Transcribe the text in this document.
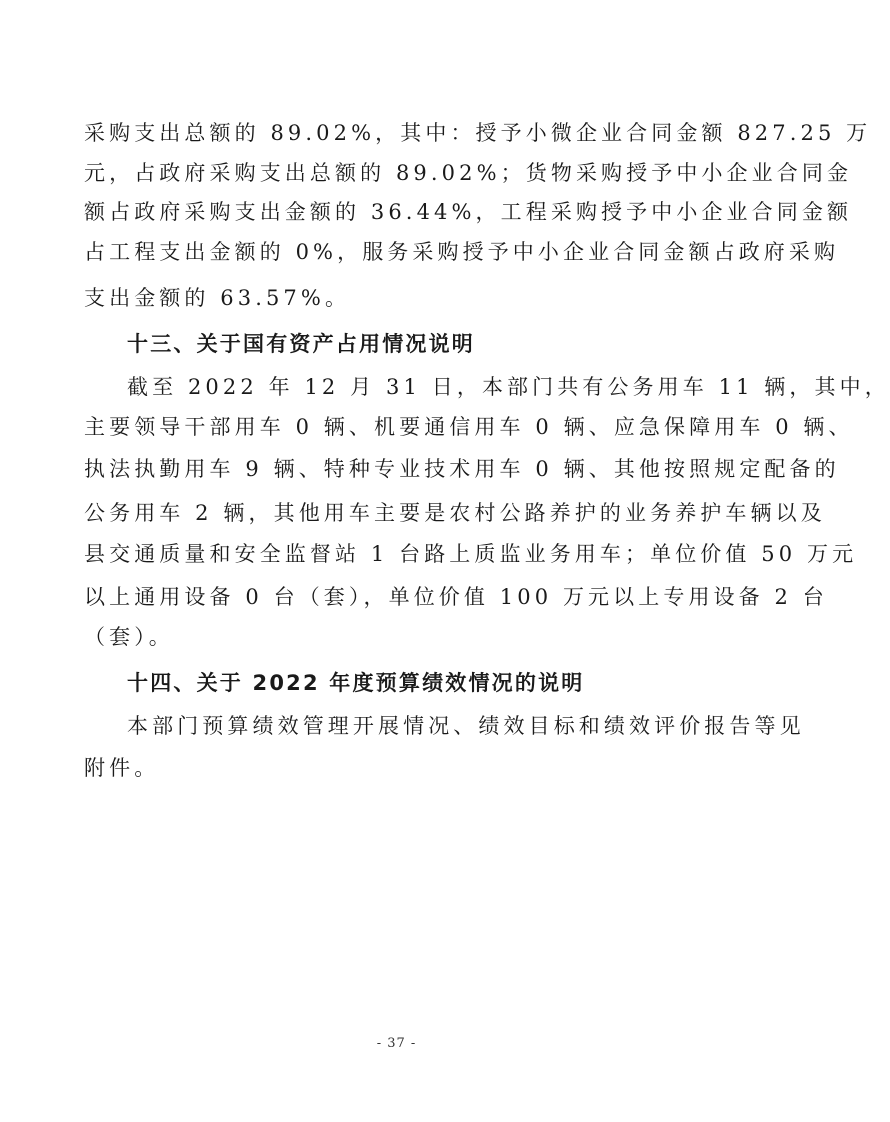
采购支出总额的 89.02%，其中：授予小微企业合同金额 827.25 万
元，占政府采购支出总额的 89.02%；货物采购授予中小企业合同金
额占政府采购支出金额的 36.44%，工程采购授予中小企业合同金额
占工程支出金额的 0%，服务采购授予中小企业合同金额占政府采购
支出金额的 63.57%。
十三、关于国有资产占用情况说明
截至 2022 年 12 月 31 日，本部门共有公务用车 11 辆，其中，
主要领导干部用车 0 辆、机要通信用车 0 辆、应急保障用车 0 辆、
执法执勤用车 9 辆、特种专业技术用车 0 辆、其他按照规定配备的
公务用车 2 辆，其他用车主要是农村公路养护的业务养护车辆以及
县交通质量和安全监督站 1 台路上质监业务用车；单位价值 50 万元
以上通用设备 0 台（套），单位价值 100 万元以上专用设备 2 台
（套）。
十四、关于 2022 年度预算绩效情况的说明
本部门预算绩效管理开展情况、绩效目标和绩效评价报告等见
附件。
- 37 -
